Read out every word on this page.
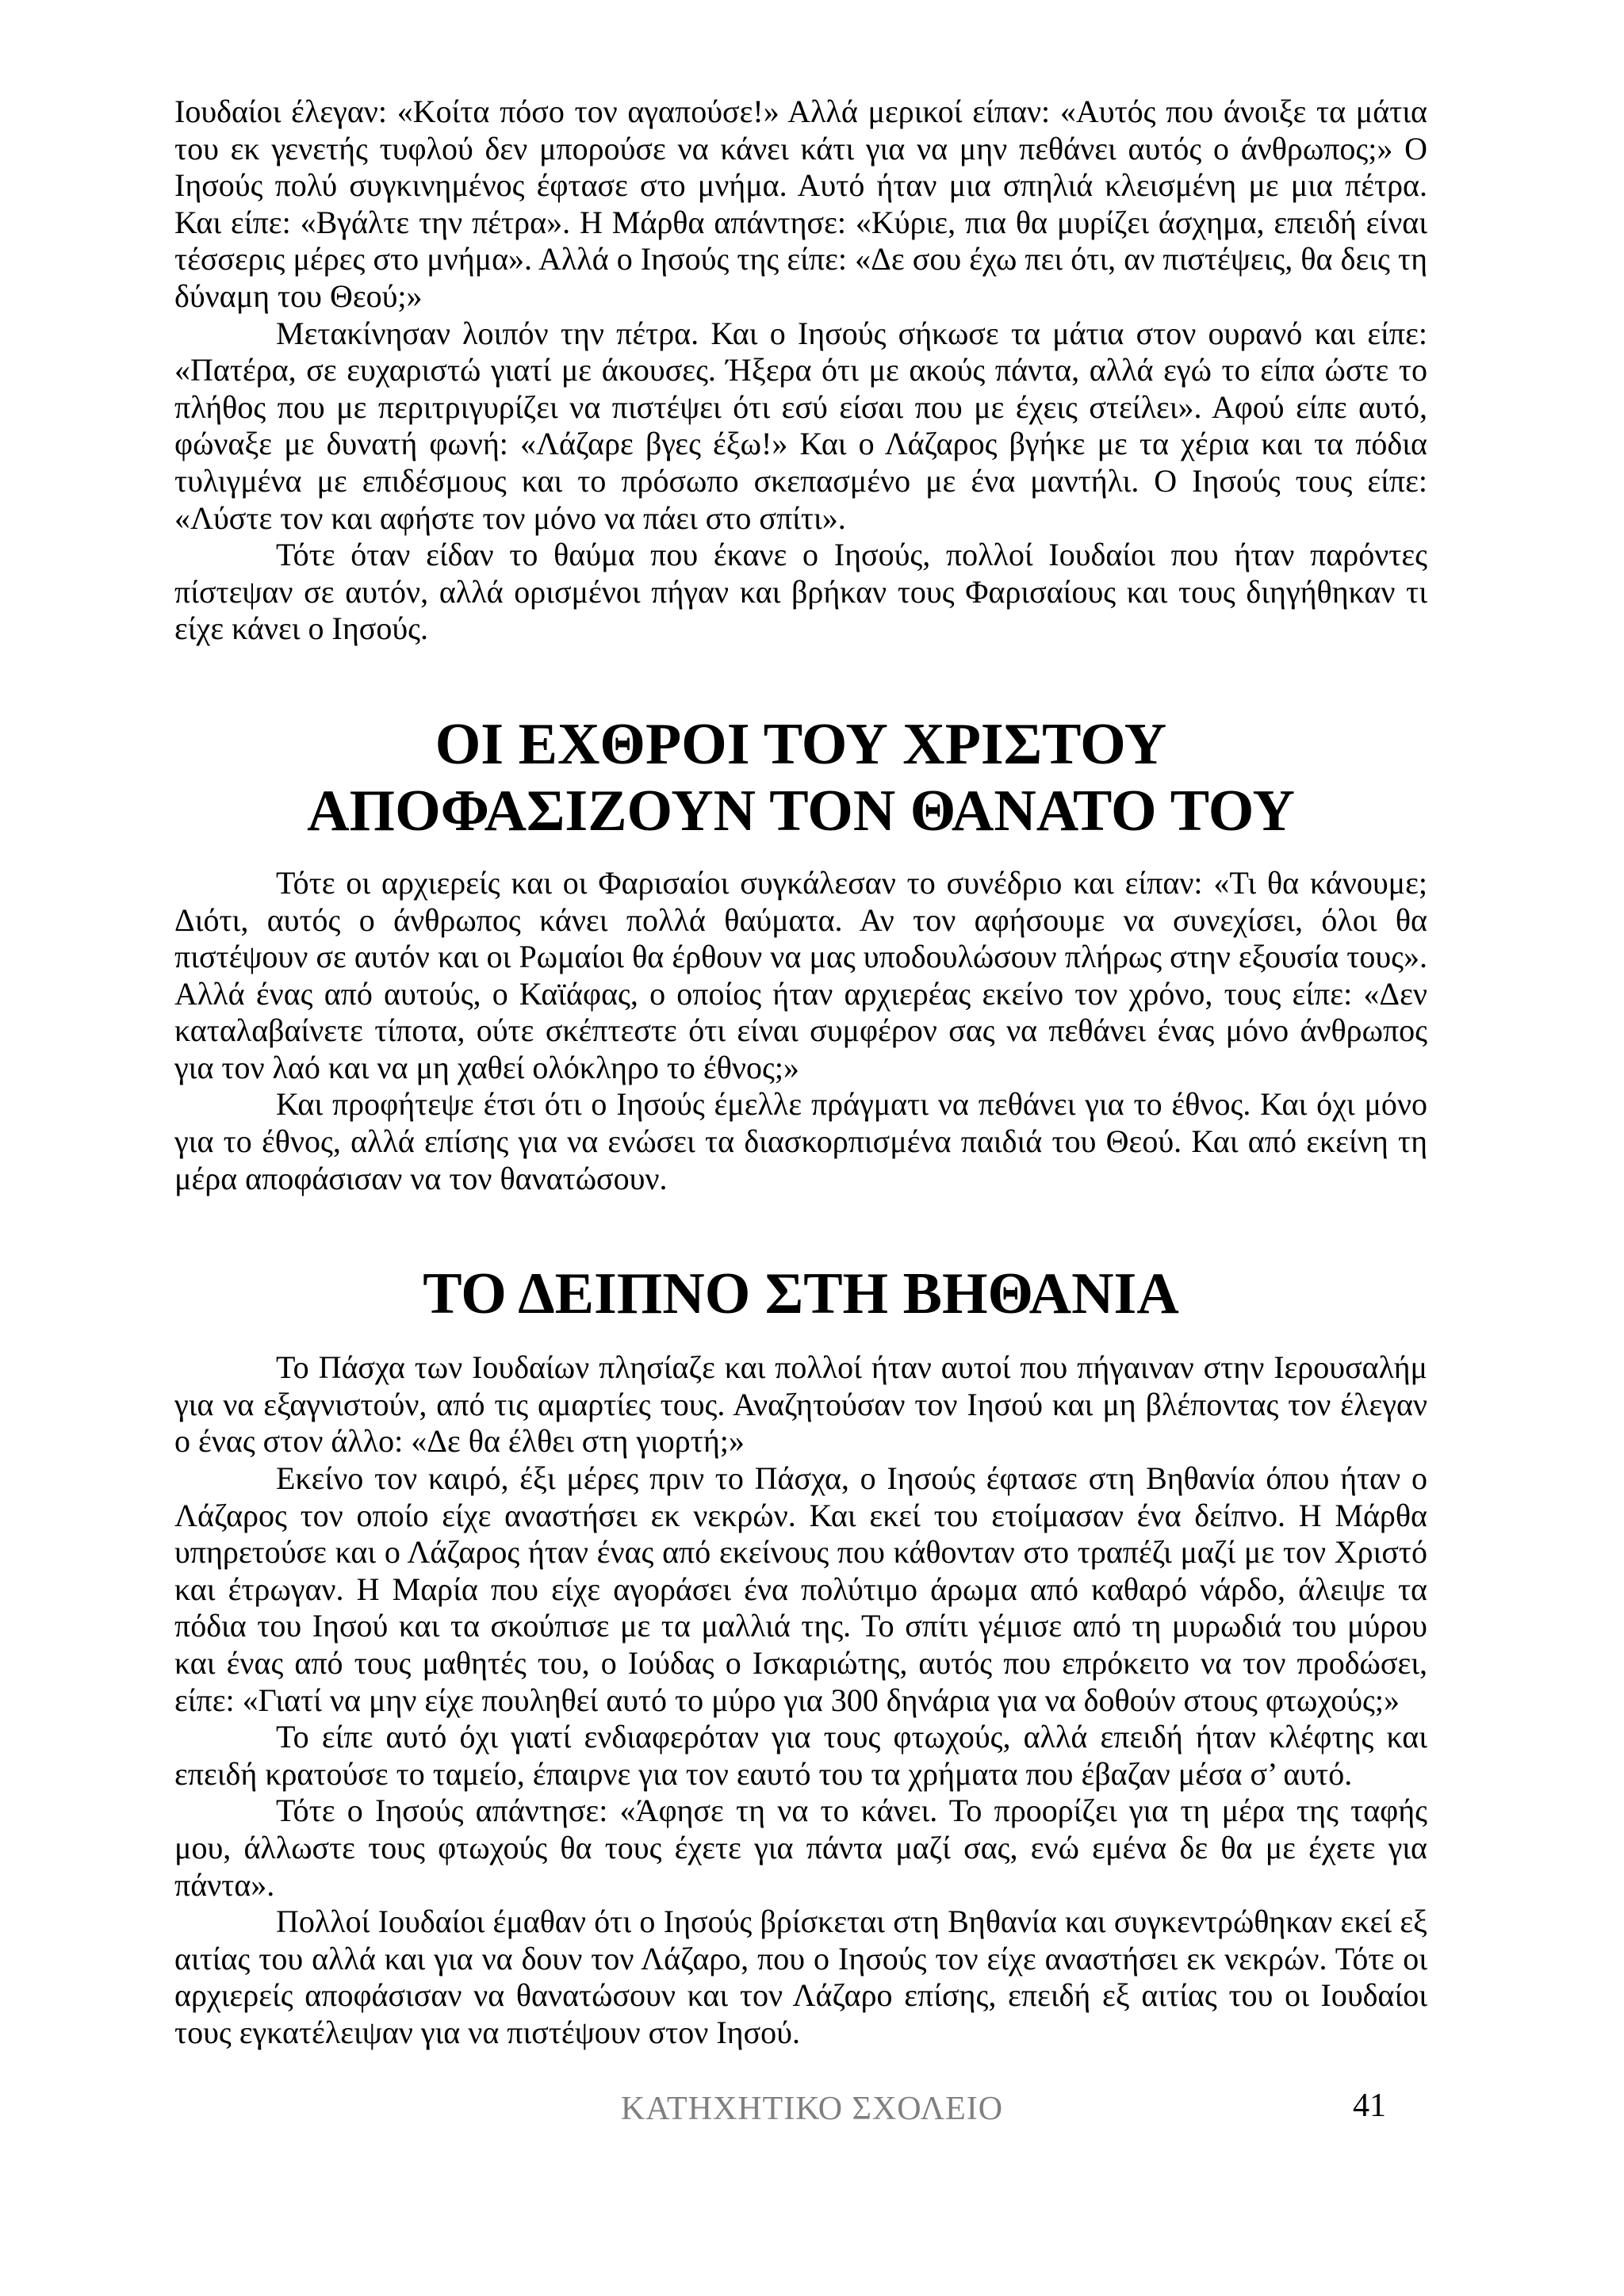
Ιουδαίοι έλεγαν: «Κοίτα πόσο τον αγαπούσε!» Αλλά μερικοί είπαν: «Αυτός που άνοιξε τα μάτια του εκ γενετής τυφλού δεν μπορούσε να κάνει κάτι για να μην πεθάνει αυτός ο άνθρωπος;» Ο Ιησούς πολύ συγκινημένος έφτασε στο μνήμα. Αυτό ήταν μια σπηλιά κλεισμένη με μια πέτρα. Και είπε: «Βγάλτε την πέτρα». Η Μάρθα απάντησε: «Κύριε, πια θα μυρίζει άσχημα, επειδή είναι τέσσερις μέρες στο μνήμα». Αλλά ο Ιησούς της είπε: «Δε σου έχω πει ότι, αν πιστέψεις, θα δεις τη δύναμη του Θεού;»

Μετακίνησαν λοιπόν την πέτρα. Και ο Ιησούς σήκωσε τα μάτια στον ουρανό και είπε: «Πατέρα, σε ευχαριστώ γιατί με άκουσες. Ήξερα ότι με ακούς πάντα, αλλά εγώ το είπα ώστε το πλήθος που με περιτριγυρίζει να πιστέψει ότι εσύ είσαι που με έχεις στείλει». Αφού είπε αυτό, φώναξε με δυνατή φωνή: «Λάζαρε βγες έξω!» Και ο Λάζαρος βγήκε με τα χέρια και τα πόδια τυλιγμένα με επιδέσμους και το πρόσωπο σκεπασμένο με ένα μαντήλι. Ο Ιησούς τους είπε: «Λύστε τον και αφήστε τον μόνο να πάει στο σπίτι».

Τότε όταν είδαν το θαύμα που έκανε ο Ιησούς, πολλοί Ιουδαίοι που ήταν παρόντες πίστεψαν σε αυτόν, αλλά ορισμένοι πήγαν και βρήκαν τους Φαρισαίους και τους διηγήθηκαν τι είχε κάνει ο Ιησούς.

ΟΙ ΕΧΘΡΟΙ ΤΟΥ ΧΡΙΣΤΟΥ
ΑΠΟΦΑΣΙΖΟΥΝ ΤΟΝ ΘΑΝΑΤΟ ΤΟΥ

Τότε οι αρχιερείς και οι Φαρισαίοι συγκάλεσαν το συνέδριο και είπαν: «Τι θα κάνουμε; Διότι, αυτός ο άνθρωπος κάνει πολλά θαύματα. Αν τον αφήσουμε να συνεχίσει, όλοι θα πιστέψουν σε αυτόν και οι Ρωμαίοι θα έρθουν να μας υποδουλώσουν πλήρως στην εξουσία τους». Αλλά ένας από αυτούς, ο Καϊάφας, ο οποίος ήταν αρχιερέας εκείνο τον χρόνο, τους είπε: «Δεν καταλαβαίνετε τίποτα, ούτε σκέπτεστε ότι είναι συμφέρον σας να πεθάνει ένας μόνο άνθρωπος για τον λαό και να μη χαθεί ολόκληρο το έθνος;»

Και προφήτεψε έτσι ότι ο Ιησούς έμελλε πράγματι να πεθάνει για το έθνος. Και όχι μόνο για το έθνος, αλλά επίσης για να ενώσει τα διασκορπισμένα παιδιά του Θεού. Και από εκείνη τη μέρα αποφάσισαν να τον θανατώσουν.

ΤΟ ΔΕΙΠΝΟ ΣΤΗ ΒΗΘΑΝΙΑ

Το Πάσχα των Ιουδαίων πλησίαζε και πολλοί ήταν αυτοί που πήγαιναν στην Ιερουσαλήμ για να εξαγνιστούν, από τις αμαρτίες τους. Αναζητούσαν τον Ιησού και μη βλέποντας τον έλεγαν ο ένας στον άλλο: «Δε θα έλθει στη γιορτή;»

Εκείνο τον καιρό, έξι μέρες πριν το Πάσχα, ο Ιησούς έφτασε στη Βηθανία όπου ήταν ο Λάζαρος τον οποίο είχε αναστήσει εκ νεκρών. Και εκεί του ετοίμασαν ένα δείπνο. Η Μάρθα υπηρετούσε και ο Λάζαρος ήταν ένας από εκείνους που κάθονταν στο τραπέζι μαζί με τον Χριστό και έτρωγαν. Η Μαρία που είχε αγοράσει ένα πολύτιμο άρωμα από καθαρό νάρδο, άλειψε τα πόδια του Ιησού και τα σκούπισε με τα μαλλιά της. Το σπίτι γέμισε από τη μυρωδιά του μύρου και ένας από τους μαθητές του, ο Ιούδας ο Ισκαριώτης, αυτός που επρόκειτο να τον προδώσει, είπε: «Γιατί να μην είχε πουληθεί αυτό το μύρο για 300 δηνάρια για να δοθούν στους φτωχούς;»

Το είπε αυτό όχι γιατί ενδιαφερόταν για τους φτωχούς, αλλά επειδή ήταν κλέφτης και επειδή κρατούσε το ταμείο, έπαιρνε για τον εαυτό του τα χρήματα που έβαζαν μέσα σ’ αυτό.

Τότε ο Ιησούς απάντησε: «Άφησε τη να το κάνει. Το προορίζει για τη μέρα της ταφής μου, άλλωστε τους φτωχούς θα τους έχετε για πάντα μαζί σας, ενώ εμένα δε θα με έχετε για πάντα».

Πολλοί Ιουδαίοι έμαθαν ότι ο Ιησούς βρίσκεται στη Βηθανία και συγκεντρώθηκαν εκεί εξ αιτίας του αλλά και για να δουν τον Λάζαρο, που ο Ιησούς τον είχε αναστήσει εκ νεκρών. Τότε οι αρχιερείς αποφάσισαν να θανατώσουν και τον Λάζαρο επίσης, επειδή εξ αιτίας του οι Ιουδαίοι τους εγκατέλειψαν για να πιστέψουν στον Ιησού.

ΚΑΤΗΧΗΤΙΚΟ ΣΧΟΛΕΙΟ	41
